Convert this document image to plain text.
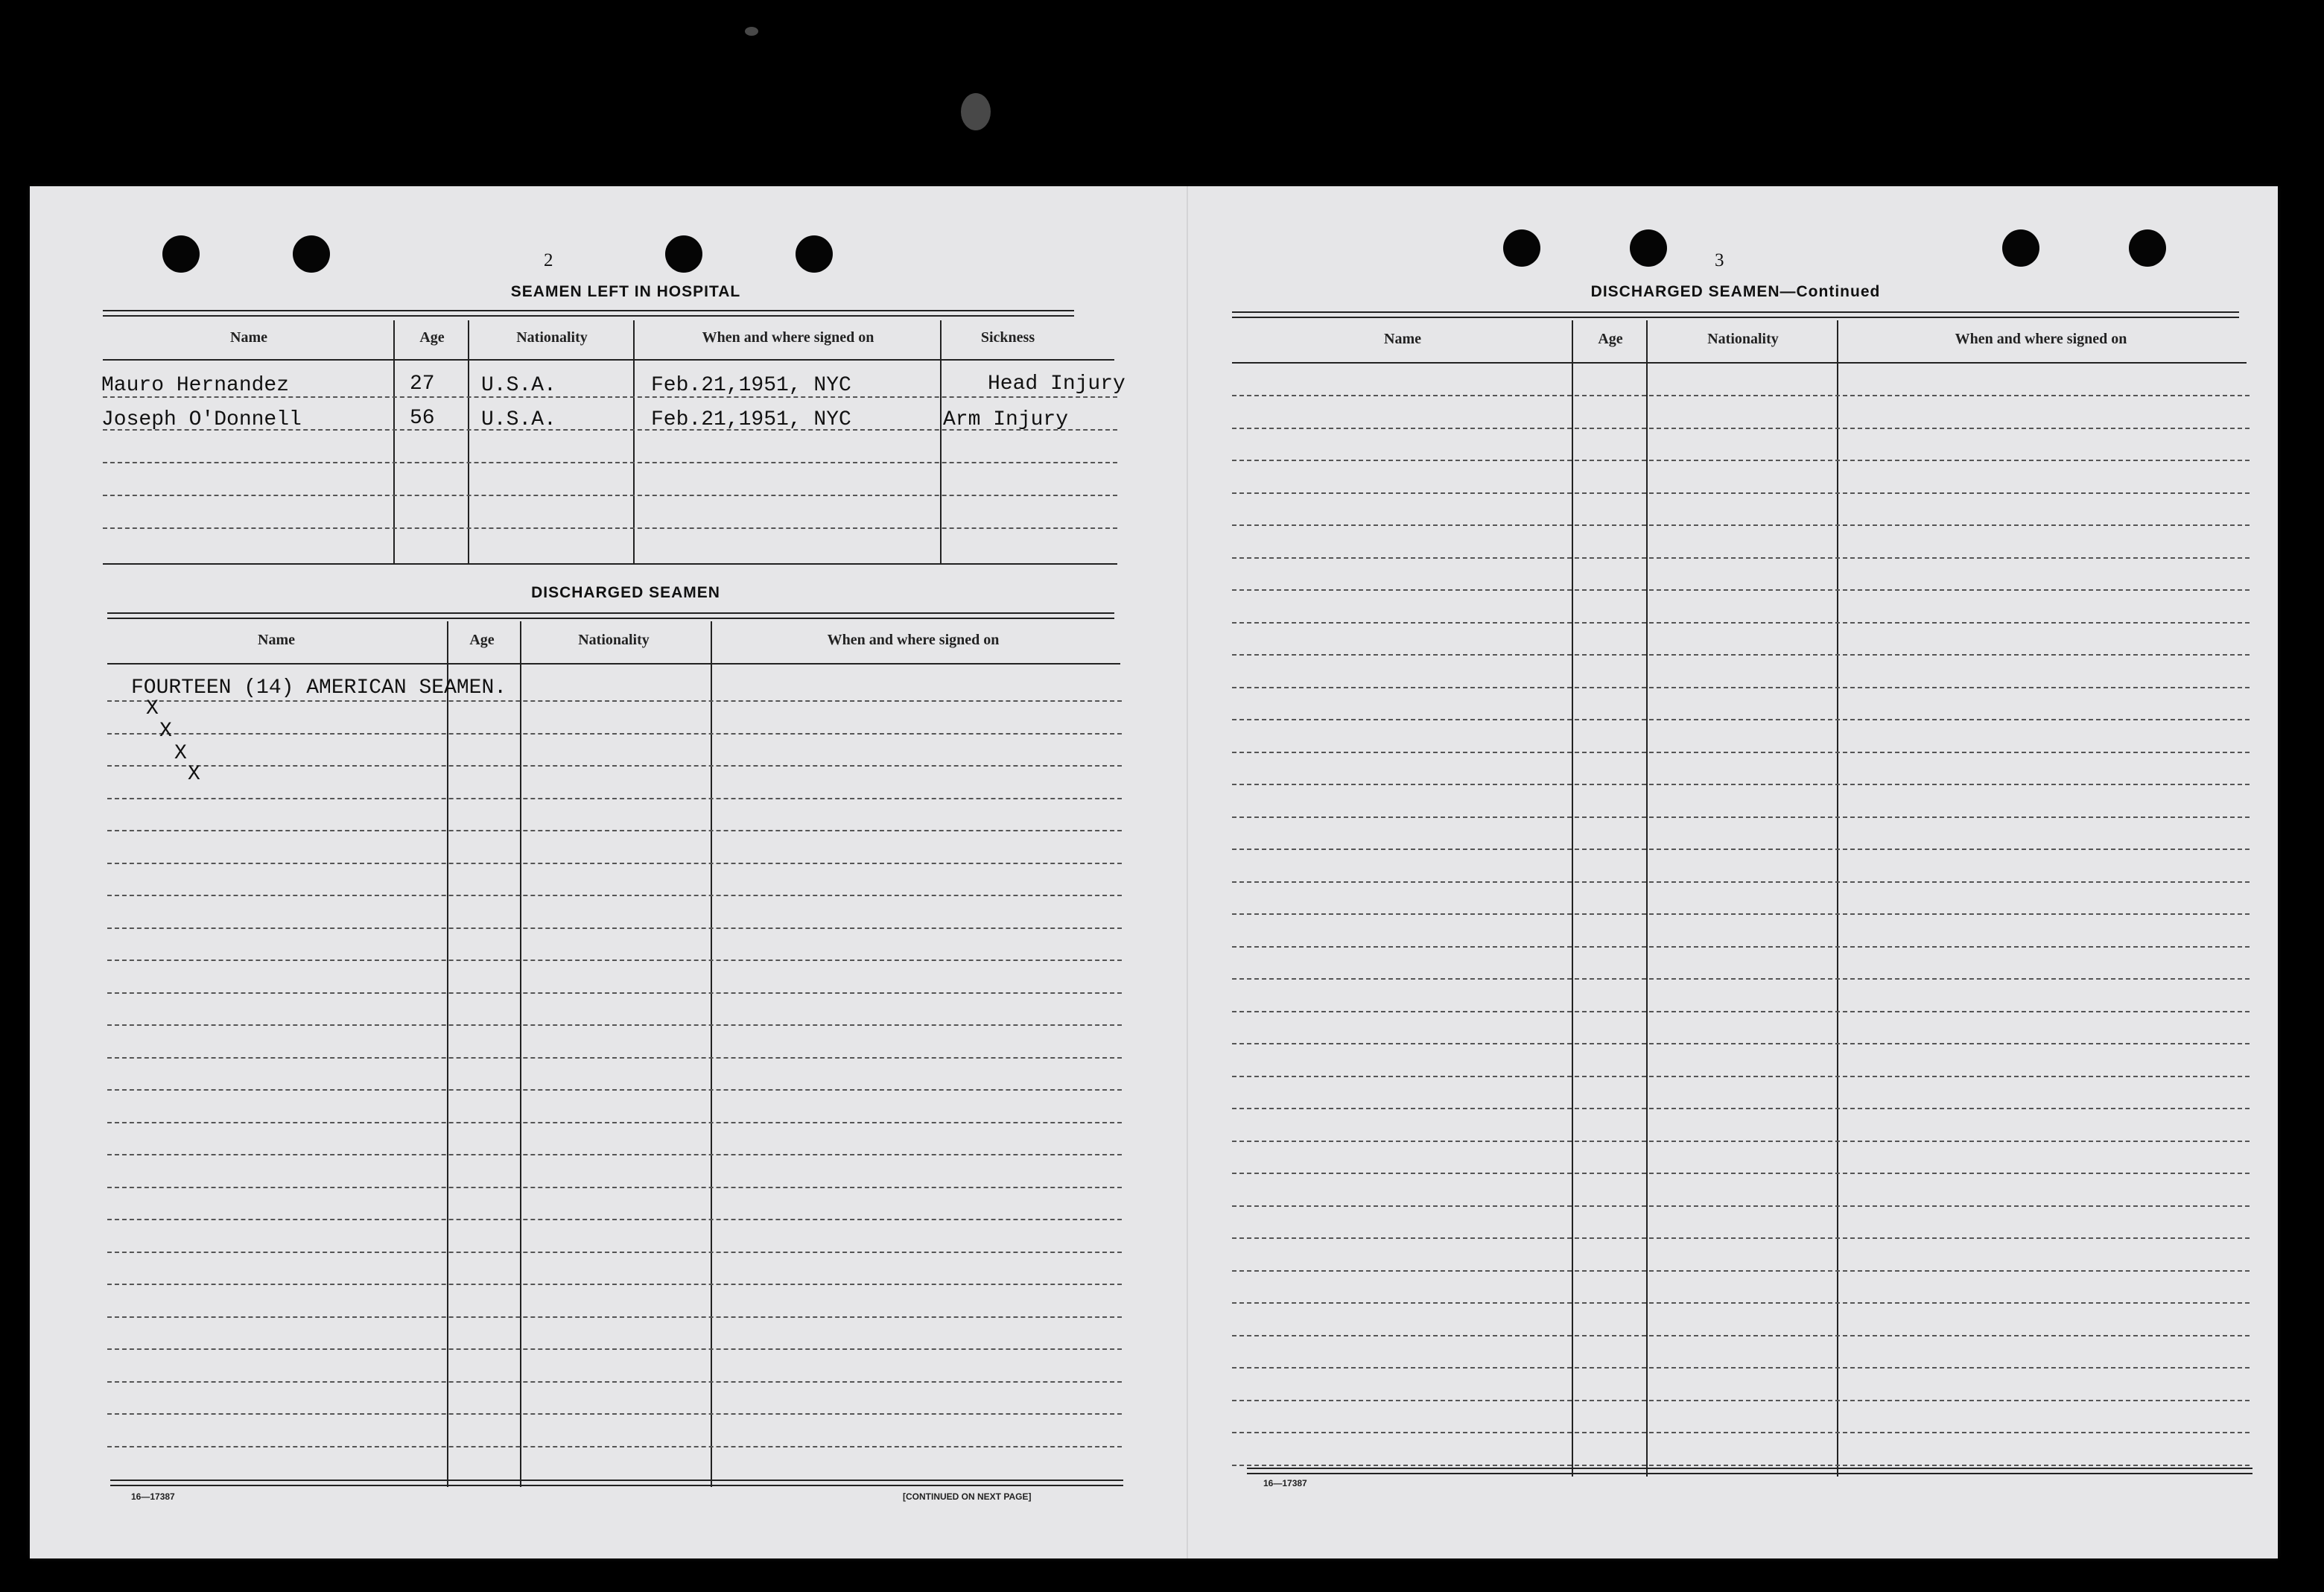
2
SEAMEN LEFT IN HOSPITAL
Name	Age	Nationality	When and where signed on	Sickness
Mauro Hernandez	27 U.S.A.	Feb.21,1951, NYC	Head Injury
Joseph O'Donnell	56 U.S.A.	Feb.21,1951, NYC	Arm Injury
DISCHARGED SEAMEN
Name	Age	Nationality	When and where signed on
FOURTEEN (14) AMERICAN SEAMEN.
X
X
X
X
16—17387	[CONTINUED ON NEXT PAGE]
3
DISCHARGED SEAMEN—Continued
Name	Age	Nationality	When and where signed on
16—17387
